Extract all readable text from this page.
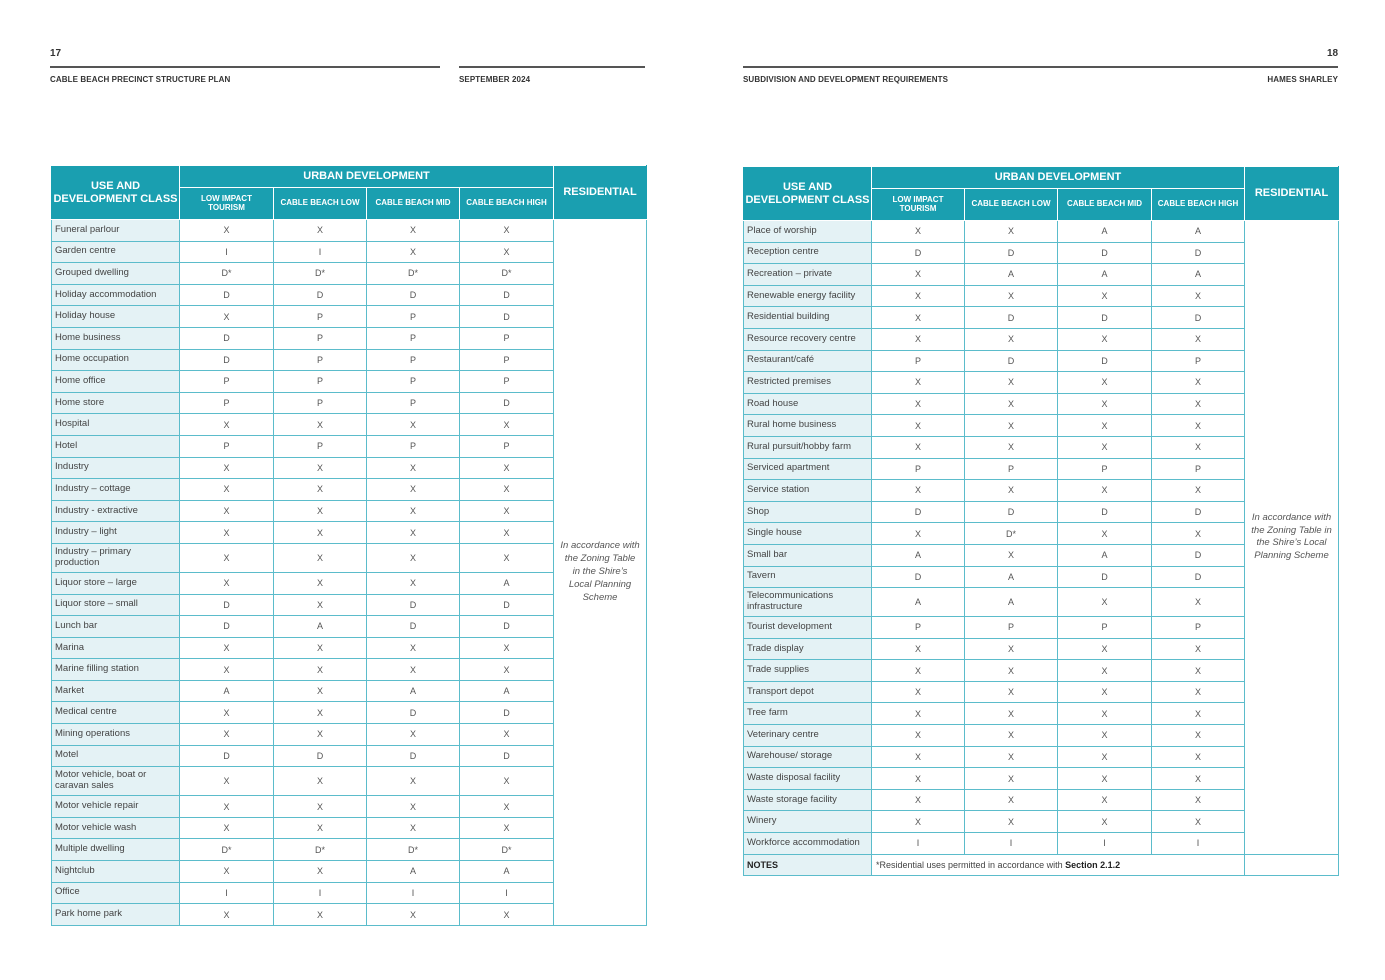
17
CABLE BEACH PRECINCT STRUCTURE PLAN	SEPTEMBER 2024
USE AND DEVELOPMENT CLASS	URBAN DEVELOPMENT				RESIDENTIAL
	LOW IMPACT TOURISM	CABLE BEACH LOW	CABLE BEACH MID	CABLE BEACH HIGH	
Funeral parlour	X	X	X	X	In accordance with the Zoning Table in the Shire’s Local Planning Scheme
Garden centre	I	I	X	X	
Grouped dwelling	D*	D*	D*	D*	
Holiday accommodation	D	D	D	D	
Holiday house	X	P	P	D	
Home business	D	P	P	P	
Home occupation	D	P	P	P	
Home office	P	P	P	P	
Home store	P	P	P	D	
Hospital	X	X	X	X	
Hotel	P	P	P	P	
Industry	X	X	X	X	
Industry – cottage	X	X	X	X	
Industry - extractive	X	X	X	X	
Industry – light	X	X	X	X	
Industry – primary production	X	X	X	X	
Liquor store – large	X	X	X	A	
Liquor store – small	D	X	D	D	
Lunch bar	D	A	D	D	
Marina	X	X	X	X	
Marine filling station	X	X	X	X	
Market	A	X	A	A	
Medical centre	X	X	D	D	
Mining operations	X	X	X	X	
Motel	D	D	D	D	
Motor vehicle, boat or caravan sales	X	X	X	X	
Motor vehicle repair	X	X	X	X	
Motor vehicle wash	X	X	X	X	
Multiple dwelling	D*	D*	D*	D*	
Nightclub	X	X	A	A	
Office	I	I	I	I	
Park home park	X	X	X	X	
18
SUBDIVISION AND DEVELOPMENT REQUIREMENTS	HAMES SHARLEY
USE AND DEVELOPMENT CLASS	URBAN DEVELOPMENT				RESIDENTIAL
	LOW IMPACT TOURISM	CABLE BEACH LOW	CABLE BEACH MID	CABLE BEACH HIGH	
Place of worship	X	X	A	A	In accordance with the Zoning Table in the Shire’s Local Planning Scheme
Reception centre	D	D	D	D	
Recreation – private	X	A	A	A	
Renewable energy facility	X	X	X	X	
Residential building	X	D	D	D	
Resource recovery centre	X	X	X	X	
Restaurant/café	P	D	D	P	
Restricted premises	X	X	X	X	
Road house	X	X	X	X	
Rural home business	X	X	X	X	
Rural pursuit/hobby farm	X	X	X	X	
Serviced apartment	P	P	P	P	
Service station	X	X	X	X	
Shop	D	D	D	D	
Single house	X	D*	X	X	
Small bar	A	X	A	D	
Tavern	D	A	D	D	
Telecommunications infrastructure	A	A	X	X	
Tourist development	P	P	P	P	
Trade display	X	X	X	X	
Trade supplies	X	X	X	X	
Transport depot	X	X	X	X	
Tree farm	X	X	X	X	
Veterinary centre	X	X	X	X	
Warehouse/ storage	X	X	X	X	
Waste disposal facility	X	X	X	X	
Waste storage facility	X	X	X	X	
Winery	X	X	X	X	
Workforce accommodation	I	I	I	I	
NOTES	*Residential uses permitted in accordance with Section 2.1.2				
